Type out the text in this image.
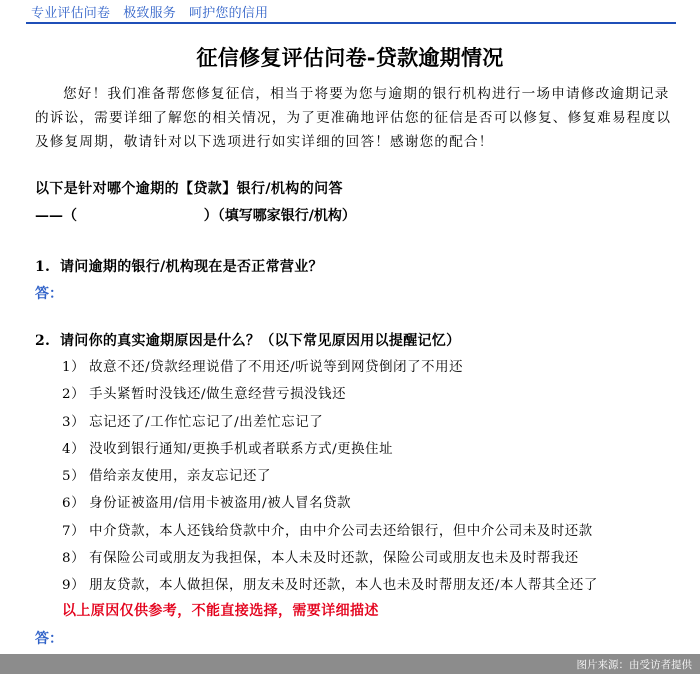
专业评估问卷   极致服务   呵护您的信用
征信修复评估问卷-贷款逾期情况
您好！我们准备帮您修复征信，相当于将要为您与逾期的银行机构进行一场申请修改逾期记录的诉讼，需要详细了解您的相关情况，为了更准确地评估您的征信是否可以修复、修复难易程度以及修复周期，敬请针对以下选项进行如实详细的回答！感谢您的配合！
以下是针对哪个逾期的【贷款】银行/机构的问答
——（                          ）（填写哪家银行/机构）
1. 请问逾期的银行/机构现在是否正常营业？
答：
2. 请问你的真实逾期原因是什么？（以下常见原因用以提醒记忆）
1） 故意不还/贷款经理说借了不用还/听说等到网贷倒闭了不用还
2） 手头紧暂时没钱还/做生意经营亏损没钱还
3） 忘记还了/工作忙忘记了/出差忙忘记了
4） 没收到银行通知/更换手机或者联系方式/更换住址
5） 借给亲友使用，亲友忘记还了
6） 身份证被盗用/信用卡被盗用/被人冒名贷款
7） 中介贷款，本人还钱给贷款中介，由中介公司去还给银行，但中介公司未及时还款
8） 有保险公司或朋友为我担保，本人未及时还款，保险公司或朋友也未及时帮我还
9） 朋友贷款，本人做担保，朋友未及时还款，本人也未及时帮朋友还/本人帮其全还了
以上原因仅供参考，不能直接选择，需要详细描述
答：
图片来源：由受访者提供
